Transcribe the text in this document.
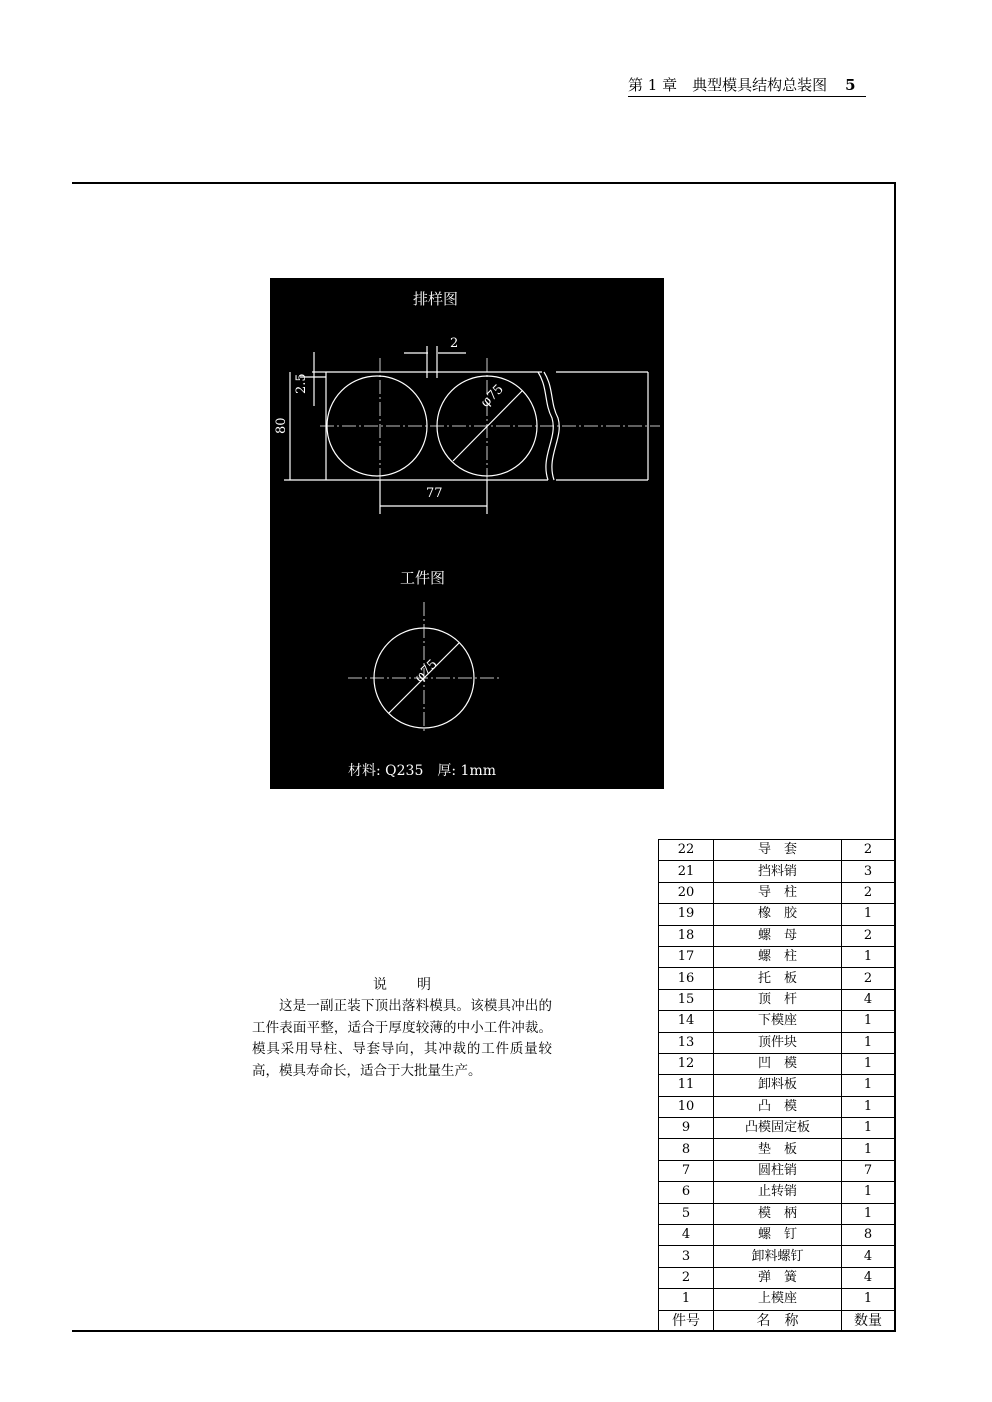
第 1 章　典型模具结构总装图 5
排样图
2
2.5
80
φ75
77
工件图
φ75
材料: Q235　厚: 1mm
说明
这是一副正装下顶出落料模具。该模具冲出的工件表面平整，适合于厚度较薄的中小工件冲裁。模具采用导柱、导套导向，其冲裁的工件质量较高，模具寿命长，适合于大批量生产。
22	导　套	2
21	挡料销	3
20	导　柱	2
19	橡　胶	1
18	螺　母	2
17	螺　柱	1
16	托　板	2
15	顶　杆	4
14	下模座	1
13	顶件块	1
12	凹　模	1
11	卸料板	1
10	凸　模	1
9	凸模固定板	1
8	垫　板	1
7	圆柱销	7
6	止转销	1
5	模　柄	1
4	螺　钉	8
3	卸料螺钉	4
2	弹　簧	4
1	上模座	1
件号	名　称	数量
